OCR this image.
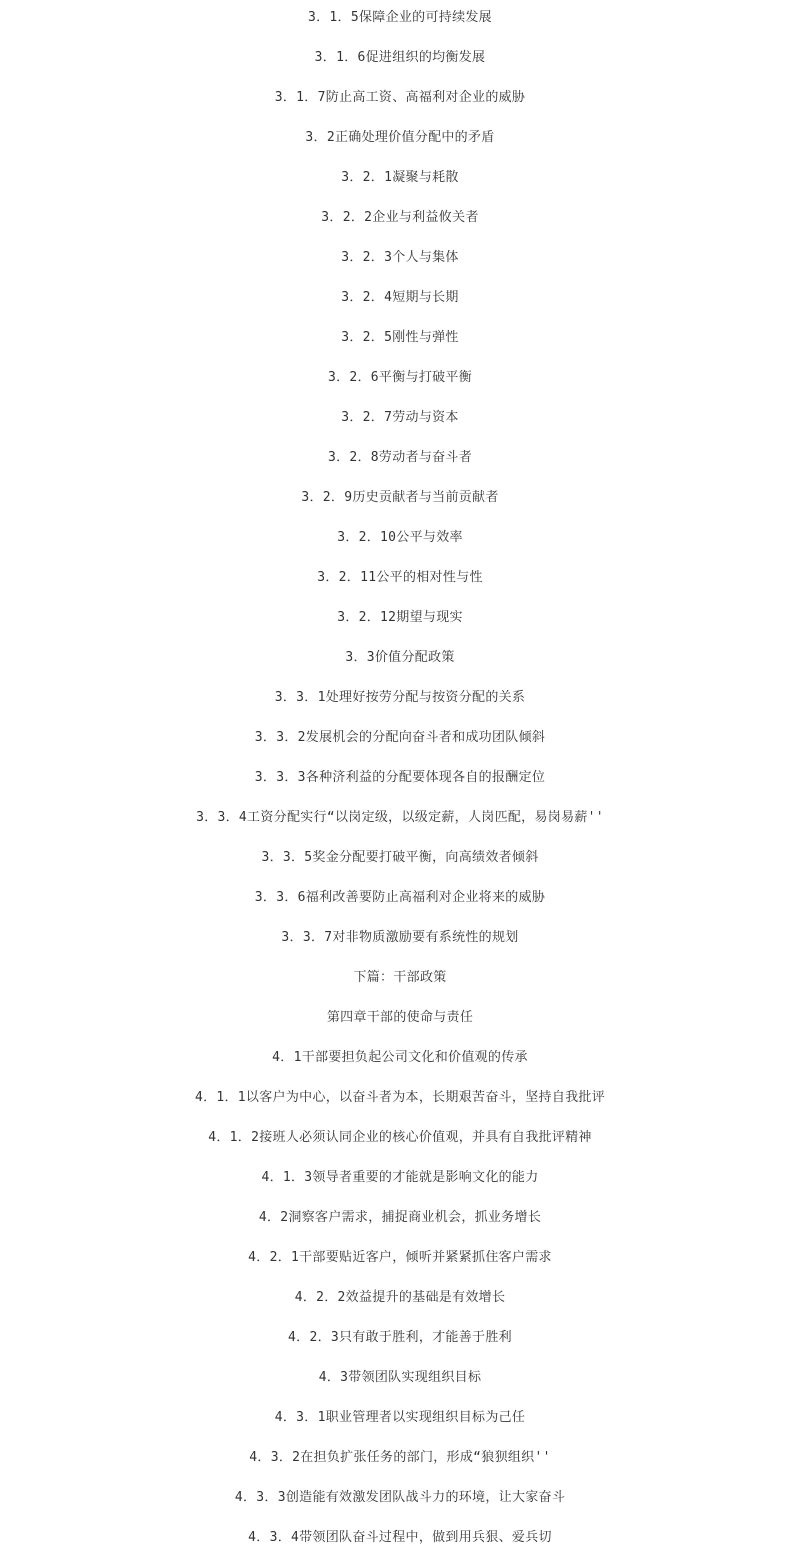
3．1．5保障企业的可持续发展
3．1．6促进组织的均衡发展
3．1．7防止高工资、高福利对企业的威胁
3．2正确处理价值分配中的矛盾
3．2．1凝聚与耗散
3．2．2企业与利益攸关者
3．2．3个人与集体
3．2．4短期与长期
3．2．5刚性与弹性
3．2．6平衡与打破平衡
3．2．7劳动与资本
3．2．8劳动者与奋斗者
3．2．9历史贡献者与当前贡献者
3．2．10公平与效率
3．2．11公平的相对性与性
3．2．12期望与现实
3．3价值分配政策
3．3．1处理好按劳分配与按资分配的关系
3．3．2发展机会的分配向奋斗者和成功团队倾斜
3．3．3各种济利益的分配要体现各自的报酬定位
3．3．4工资分配实行“以岗定级，以级定薪，人岗匹配，易岗易薪''
3．3．5奖金分配要打破平衡，向高绩效者倾斜
3．3．6福利改善要防止高福利对企业将来的威胁
3．3．7对非物质激励要有系统性的规划
下篇：干部政策
第四章干部的使命与责任
4．1干部要担负起公司文化和价值观的传承
4．1．1以客户为中心，以奋斗者为本，长期艰苦奋斗，坚持自我批评
4．1．2接班人必须认同企业的核心价值观，并具有自我批评精神
4．1．3领导者重要的才能就是影响文化的能力
4．2洞察客户需求，捕捉商业机会，抓业务增长
4．2．1干部要贴近客户，倾听并紧紧抓住客户需求
4．2．2效益提升的基础是有效增长
4．2．3只有敢于胜利，才能善于胜利
4．3带领团队实现组织目标
4．3．1职业管理者以实现组织目标为己任
4．3．2在担负扩张任务的部门，形成“狼狈组织''
4．3．3创造能有效激发团队战斗力的环境，让大家奋斗
4．3．4带领团队奋斗过程中，做到用兵狠、爱兵切
